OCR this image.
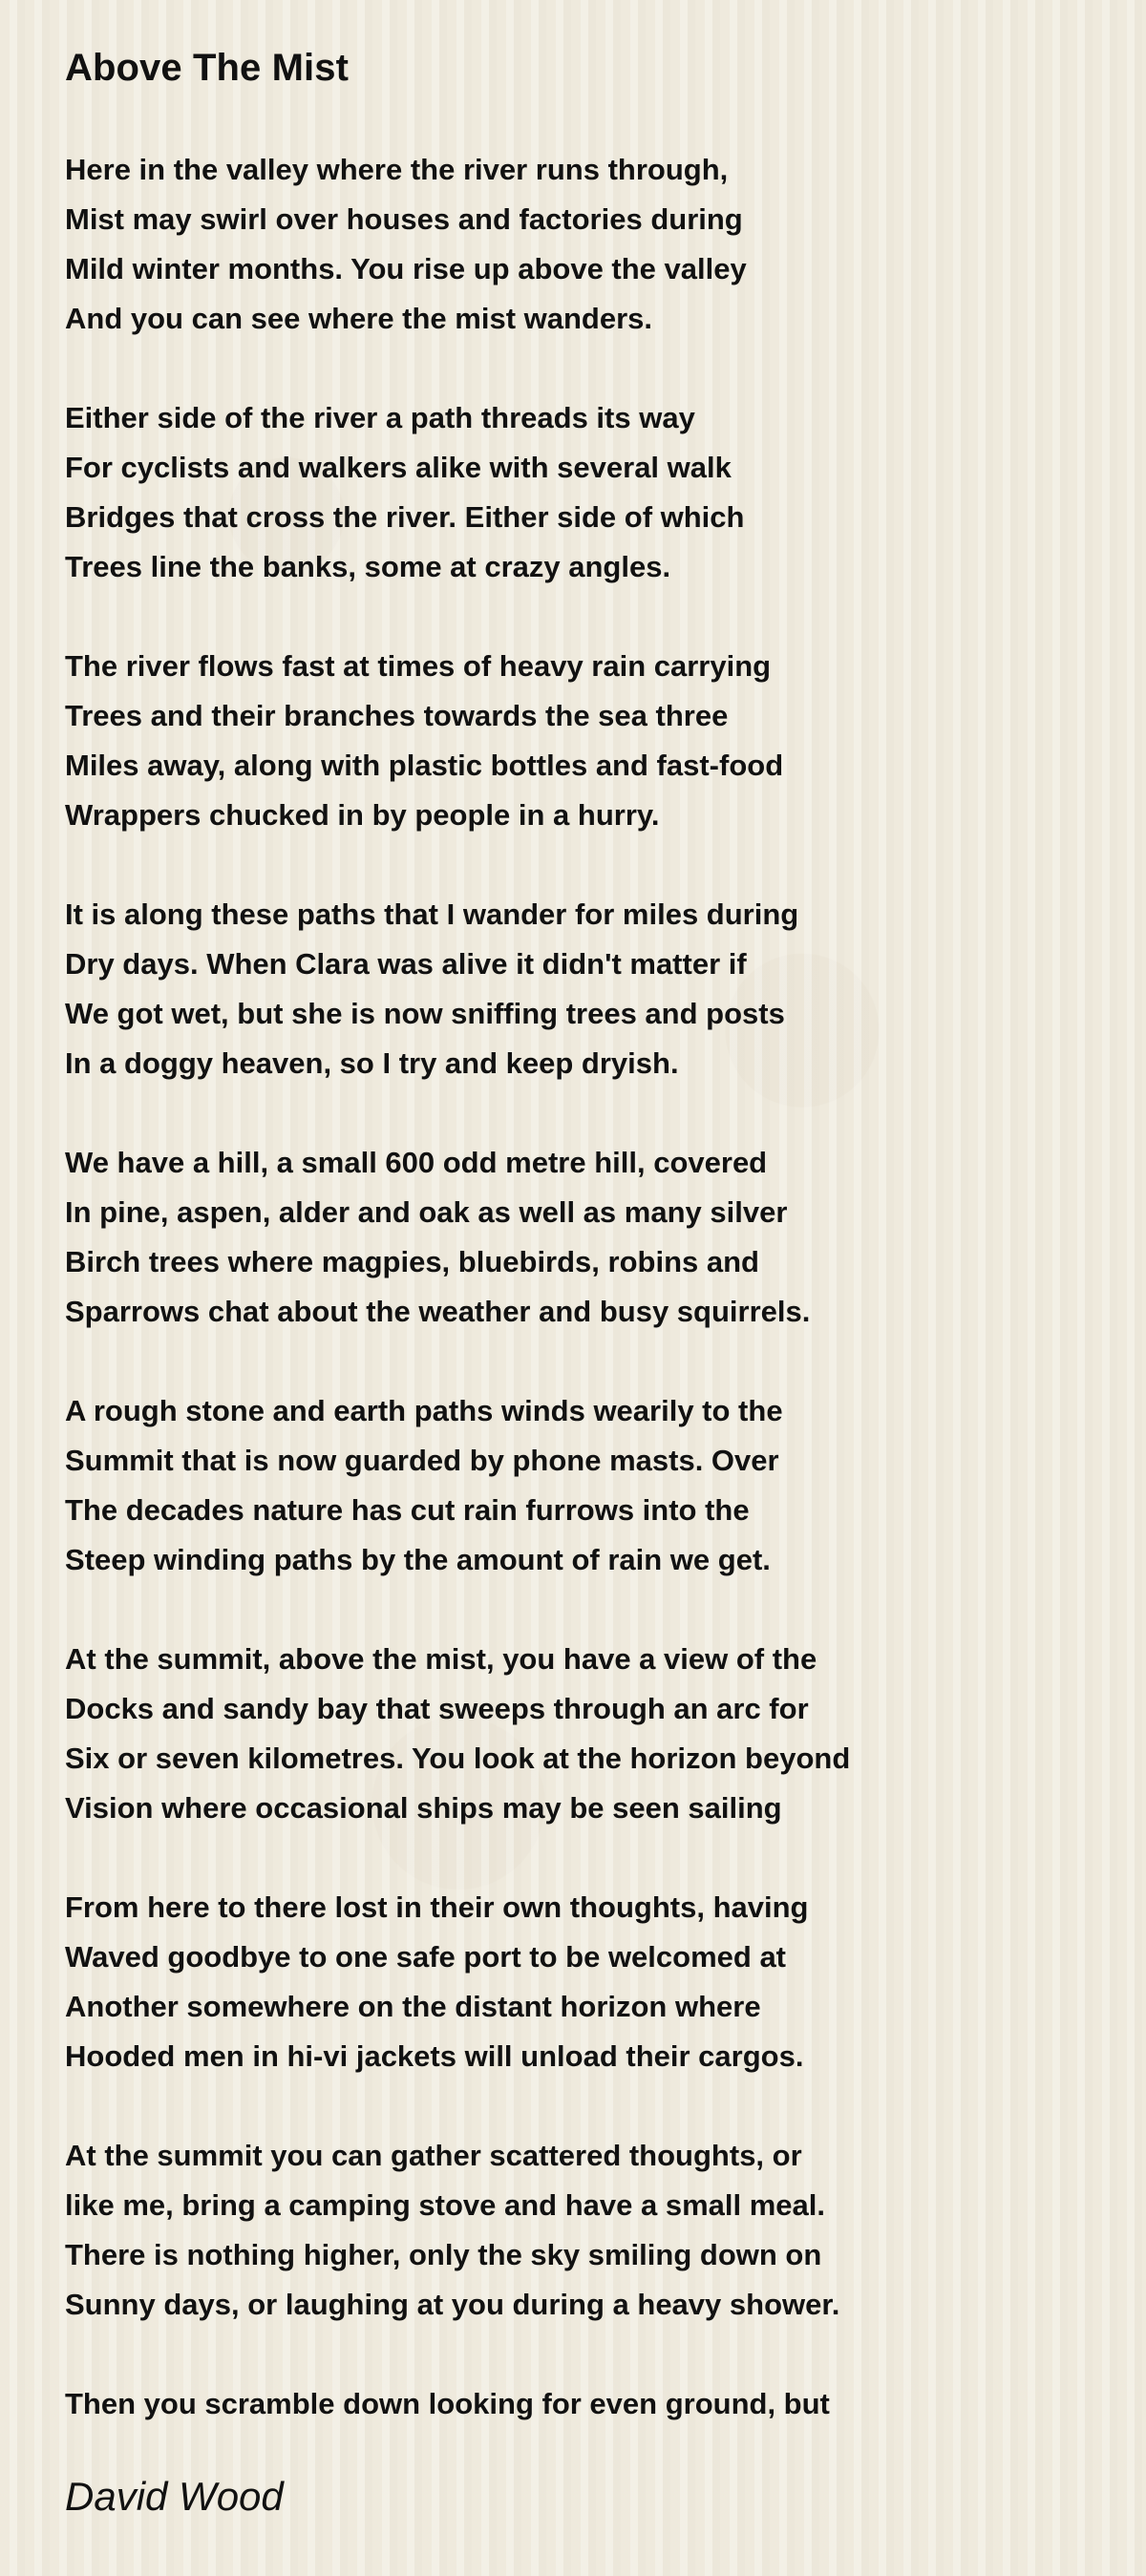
Above The Mist
Here in the valley where the river runs through,
Mist may swirl over houses and factories during
Mild winter months. You rise up above the valley
And you can see where the mist wanders.
Either side of the river a path threads its way
For cyclists and walkers alike with several walk
Bridges that cross the river. Either side of which
Trees line the banks, some at crazy angles.
The river flows fast at times of heavy rain carrying
Trees and their branches towards the sea three
Miles away, along with plastic bottles and fast-food
Wrappers chucked in by people in a hurry.
It is along these paths that I wander for miles during
Dry days. When Clara was alive it didn't matter if
We got wet, but she is now sniffing trees and posts
In a doggy heaven, so I try and keep dryish.
We have a hill, a small 600 odd metre hill, covered
In pine, aspen, alder and oak as well as many silver
Birch trees where magpies, bluebirds, robins and
Sparrows chat about the weather and busy squirrels.
A rough stone and earth paths winds wearily to the
Summit that is now guarded by phone masts. Over
The decades nature has cut rain furrows into the
Steep winding paths by the amount of rain we get.
At the summit, above the mist, you have a view of the
Docks and sandy bay that sweeps through an arc for
Six or seven kilometres. You look at the horizon beyond
Vision where occasional ships may be seen sailing
From here to there lost in their own thoughts, having
Waved goodbye to one safe port to be welcomed at
Another somewhere on the distant horizon where
Hooded men in hi-vi jackets will unload their cargos.
At the summit you can gather scattered thoughts, or
like me, bring a camping stove and have a small meal.
There is nothing higher, only the sky smiling down on
Sunny days, or laughing at you during a heavy shower.
Then you scramble down looking for even ground, but
David Wood
